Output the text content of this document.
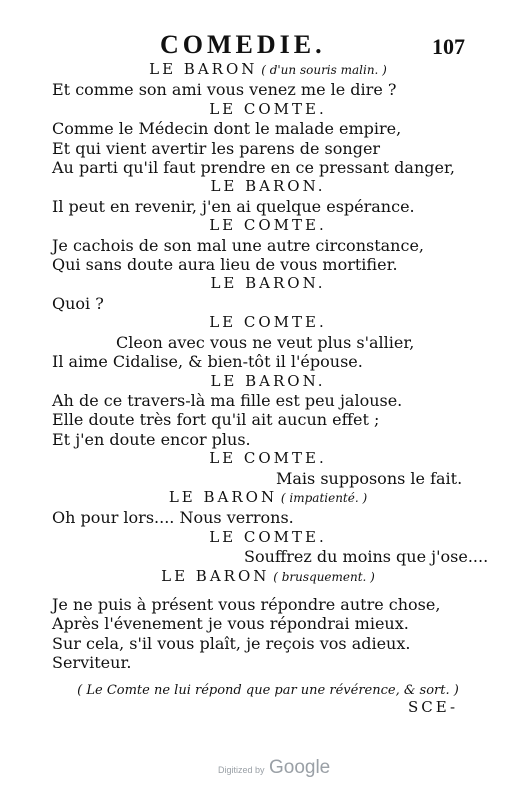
COMEDIE.	107
LE BARON ( d'un souris malin. )
Et comme son ami vous venez me le dire ?
LE COMTE.
Comme le Médecin dont le malade empire,
Et qui vient avertir les parens de songer
Au parti qu'il faut prendre en ce pressant danger,
LE BARON.
Il peut en revenir, j'en ai quelque espérance.
LE COMTE.
Je cachois de son mal une autre circonstance,
Qui sans doute aura lieu de vous mortifier.
LE BARON.
Quoi ?
LE COMTE.
Cleon avec vous ne veut plus s'allier,
Il aime Cidalise, & bien-tôt il l'épouse.
LE BARON.
Ah de ce travers-là ma fille est peu jalouse.
Elle doute très fort qu'il ait aucun effet ;
Et j'en doute encor plus.
LE COMTE.
Mais supposons le fait.
LE BARON ( impatienté. )
Oh pour lors.... Nous verrons.
LE COMTE.
Souffrez du moins que j'ose....
LE BARON ( brusquement. )
Je ne puis à présent vous répondre autre chose,
Après l'évenement je vous répondrai mieux.
Sur cela, s'il vous plaît, je reçois vos adieux.
Serviteur.
( Le Comte ne lui répond que par une révérence, & sort. )
SCE-
Digitized by Google
